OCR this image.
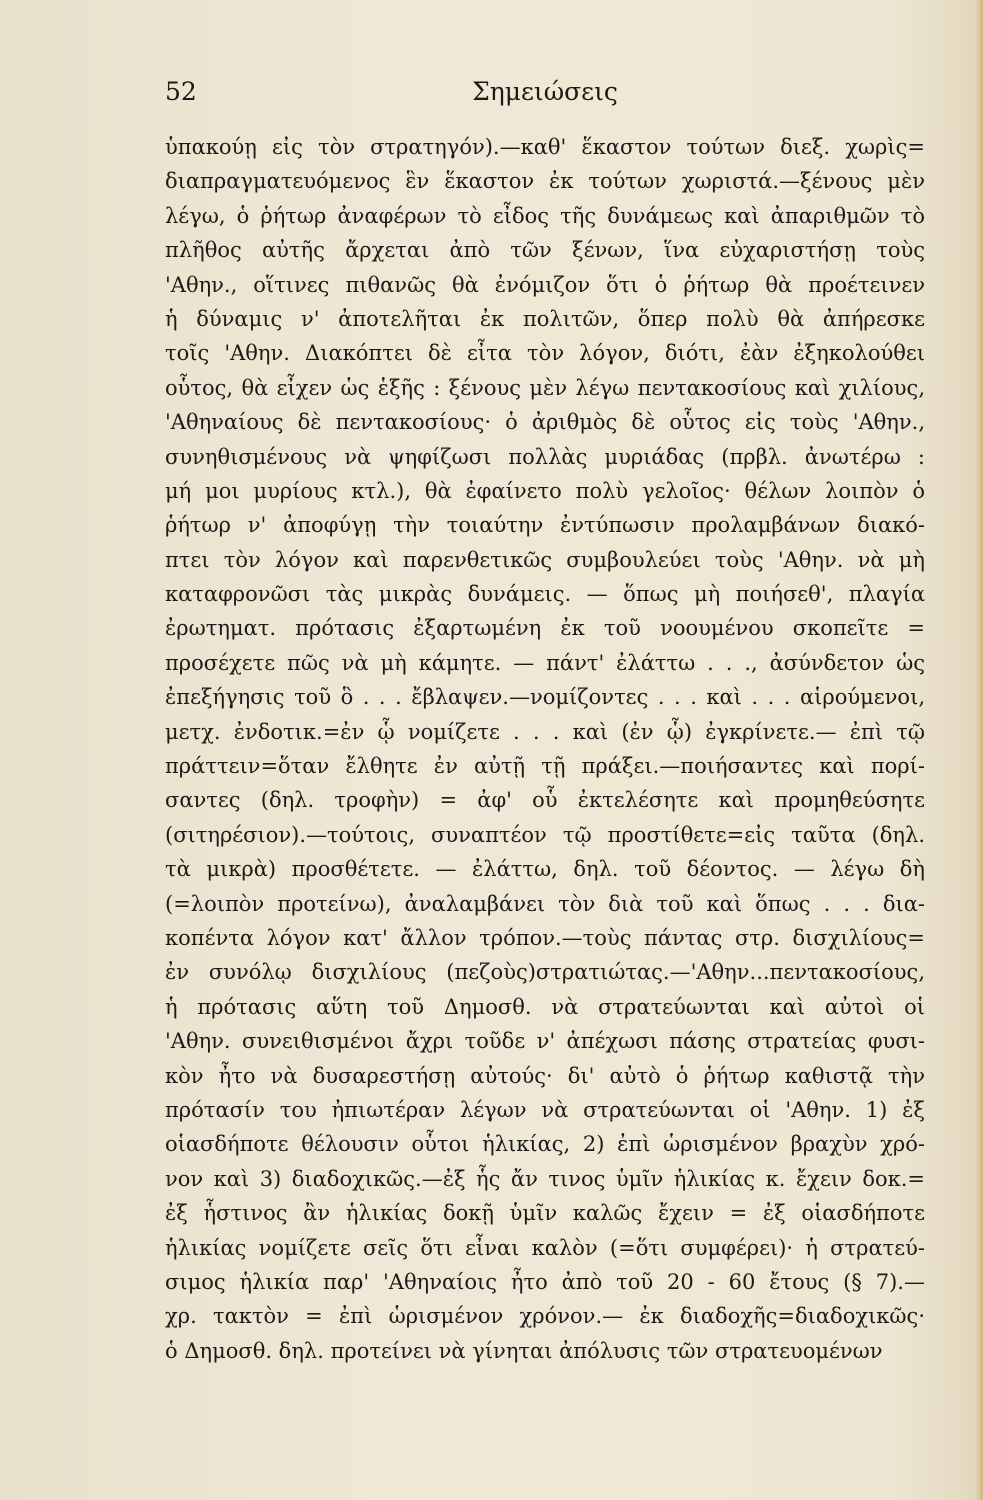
Σημειώσεις
52
ὑπακούῃ εἰς τὸν στρατηγόν).—καθ' ἕκαστον τούτων διεξ. χωρὶς=
διαπραγματευόμενος ἓν ἕκαστον ἐκ τούτων χωριστά.—ξένους μὲν
λέγω, ὁ ῥήτωρ ἀναφέρων τὸ εἶδος τῆς δυνάμεως καὶ ἀπαριθμῶν τὸ
πλῆθος αὐτῆς ἄρχεται ἀπὸ τῶν ξένων, ἵνα εὐχαριστήσῃ τοὺς
'Αθην., οἵτινες πιθανῶς θὰ ἐνόμιζον ὅτι ὁ ῥήτωρ θὰ προέτεινεν
ἡ δύναμις ν' ἀποτελῆται ἐκ πολιτῶν, ὅπερ πολὺ θὰ ἀπήρεσκε
τοῖς 'Αθην. Διακόπτει δὲ εἶτα τὸν λόγον, διότι, ἐὰν ἐξηκολούθει
οὗτος, θὰ εἶχεν ὡς ἑξῆς : ξένους μὲν λέγω πεντακοσίους καὶ χιλίους,
'Αθηναίους δὲ πεντακοσίους· ὁ ἀριθμὸς δὲ οὗτος εἰς τοὺς 'Αθην.,
συνηθισμένους νὰ ψηφίζωσι πολλὰς μυριάδας (πρβλ. ἀνωτέρω :
μή μοι μυρίους κτλ.), θὰ ἐφαίνετο πολὺ γελοῖος· θέλων λοιπὸν ὁ
ῥήτωρ ν' ἀποφύγῃ τὴν τοιαύτην ἐντύπωσιν προλαμβάνων διακό-
πτει τὸν λόγον καὶ παρενθετικῶς συμβουλεύει τοὺς 'Αθην. νὰ μὴ
καταφρονῶσι τὰς μικρὰς δυνάμεις. — ὅπως μὴ ποιήσεθ', πλαγία
ἐρωτηματ. πρότασις ἐξαρτωμένη ἐκ τοῦ νοουμένου σκοπεῖτε =
προσέχετε πῶς νὰ μὴ κάμητε. — πάντ' ἐλάττω . . ., ἀσύνδετον ὡς
ἐπεξήγησις τοῦ ὃ . . . ἔβλαψεν.—νομίζοντες . . . καὶ . . . αἱρούμενοι,
μετχ. ἐνδοτικ.=ἐν ᾧ νομίζετε . . . καὶ (ἐν ᾧ) ἐγκρίνετε.— ἐπὶ τῷ
πράττειν=ὅταν ἔλθητε ἐν αὐτῇ τῇ πράξει.—ποιήσαντες καὶ πορί-
σαντες (δηλ. τροφὴν) = ἀφ' οὗ ἐκτελέσητε καὶ προμηθεύσητε
(σιτηρέσιον).—τούτοις, συναπτέον τῷ προστίθετε=εἰς ταῦτα (δηλ.
τὰ μικρὰ) προσθέτετε. — ἐλάττω, δηλ. τοῦ δέοντος. — λέγω δὴ
(=λοιπὸν προτείνω), ἀναλαμβάνει τὸν διὰ τοῦ καὶ ὅπως . . . δια-
κοπέντα λόγον κατ' ἄλλον τρόπον.—τοὺς πάντας στρ. δισχιλίους=
ἐν συνόλῳ δισχιλίους (πεζοὺς)στρατιώτας.—'Αθην...πεντακοσίους,
ἡ πρότασις αὕτη τοῦ Δημοσθ. νὰ στρατεύωνται καὶ αὐτοὶ οἱ
'Αθην. συνειθισμένοι ἄχρι τοῦδε ν' ἀπέχωσι πάσης στρατείας φυσι-
κὸν ἦτο νὰ δυσαρεστήσῃ αὐτούς· δι' αὐτὸ ὁ ῥήτωρ καθιστᾷ τὴν
πρότασίν του ἠπιωτέραν λέγων νὰ στρατεύωνται οἱ 'Αθην. 1) ἐξ
οἱασδήποτε θέλουσιν οὗτοι ἡλικίας, 2) ἐπὶ ὡρισμένον βραχὺν χρό-
νον καὶ 3) διαδοχικῶς.—ἐξ ἧς ἄν τινος ὑμῖν ἡλικίας κ. ἔχειν δοκ.=
ἐξ ἧστινος ἂν ἡλικίας δοκῇ ὑμῖν καλῶς ἔχειν = ἐξ οἱασδήποτε
ἡλικίας νομίζετε σεῖς ὅτι εἶναι καλὸν (=ὅτι συμφέρει)· ἡ στρατεύ-
σιμος ἡλικία παρ' 'Αθηναίοις ἦτο ἀπὸ τοῦ 20 - 60 ἔτους (§ 7).—
χρ. τακτὸν = ἐπὶ ὡρισμένον χρόνον.— ἐκ διαδοχῆς=διαδοχικῶς·
ὁ Δημοσθ. δηλ. προτείνει νὰ γίνηται ἀπόλυσις τῶν στρατευομένων
